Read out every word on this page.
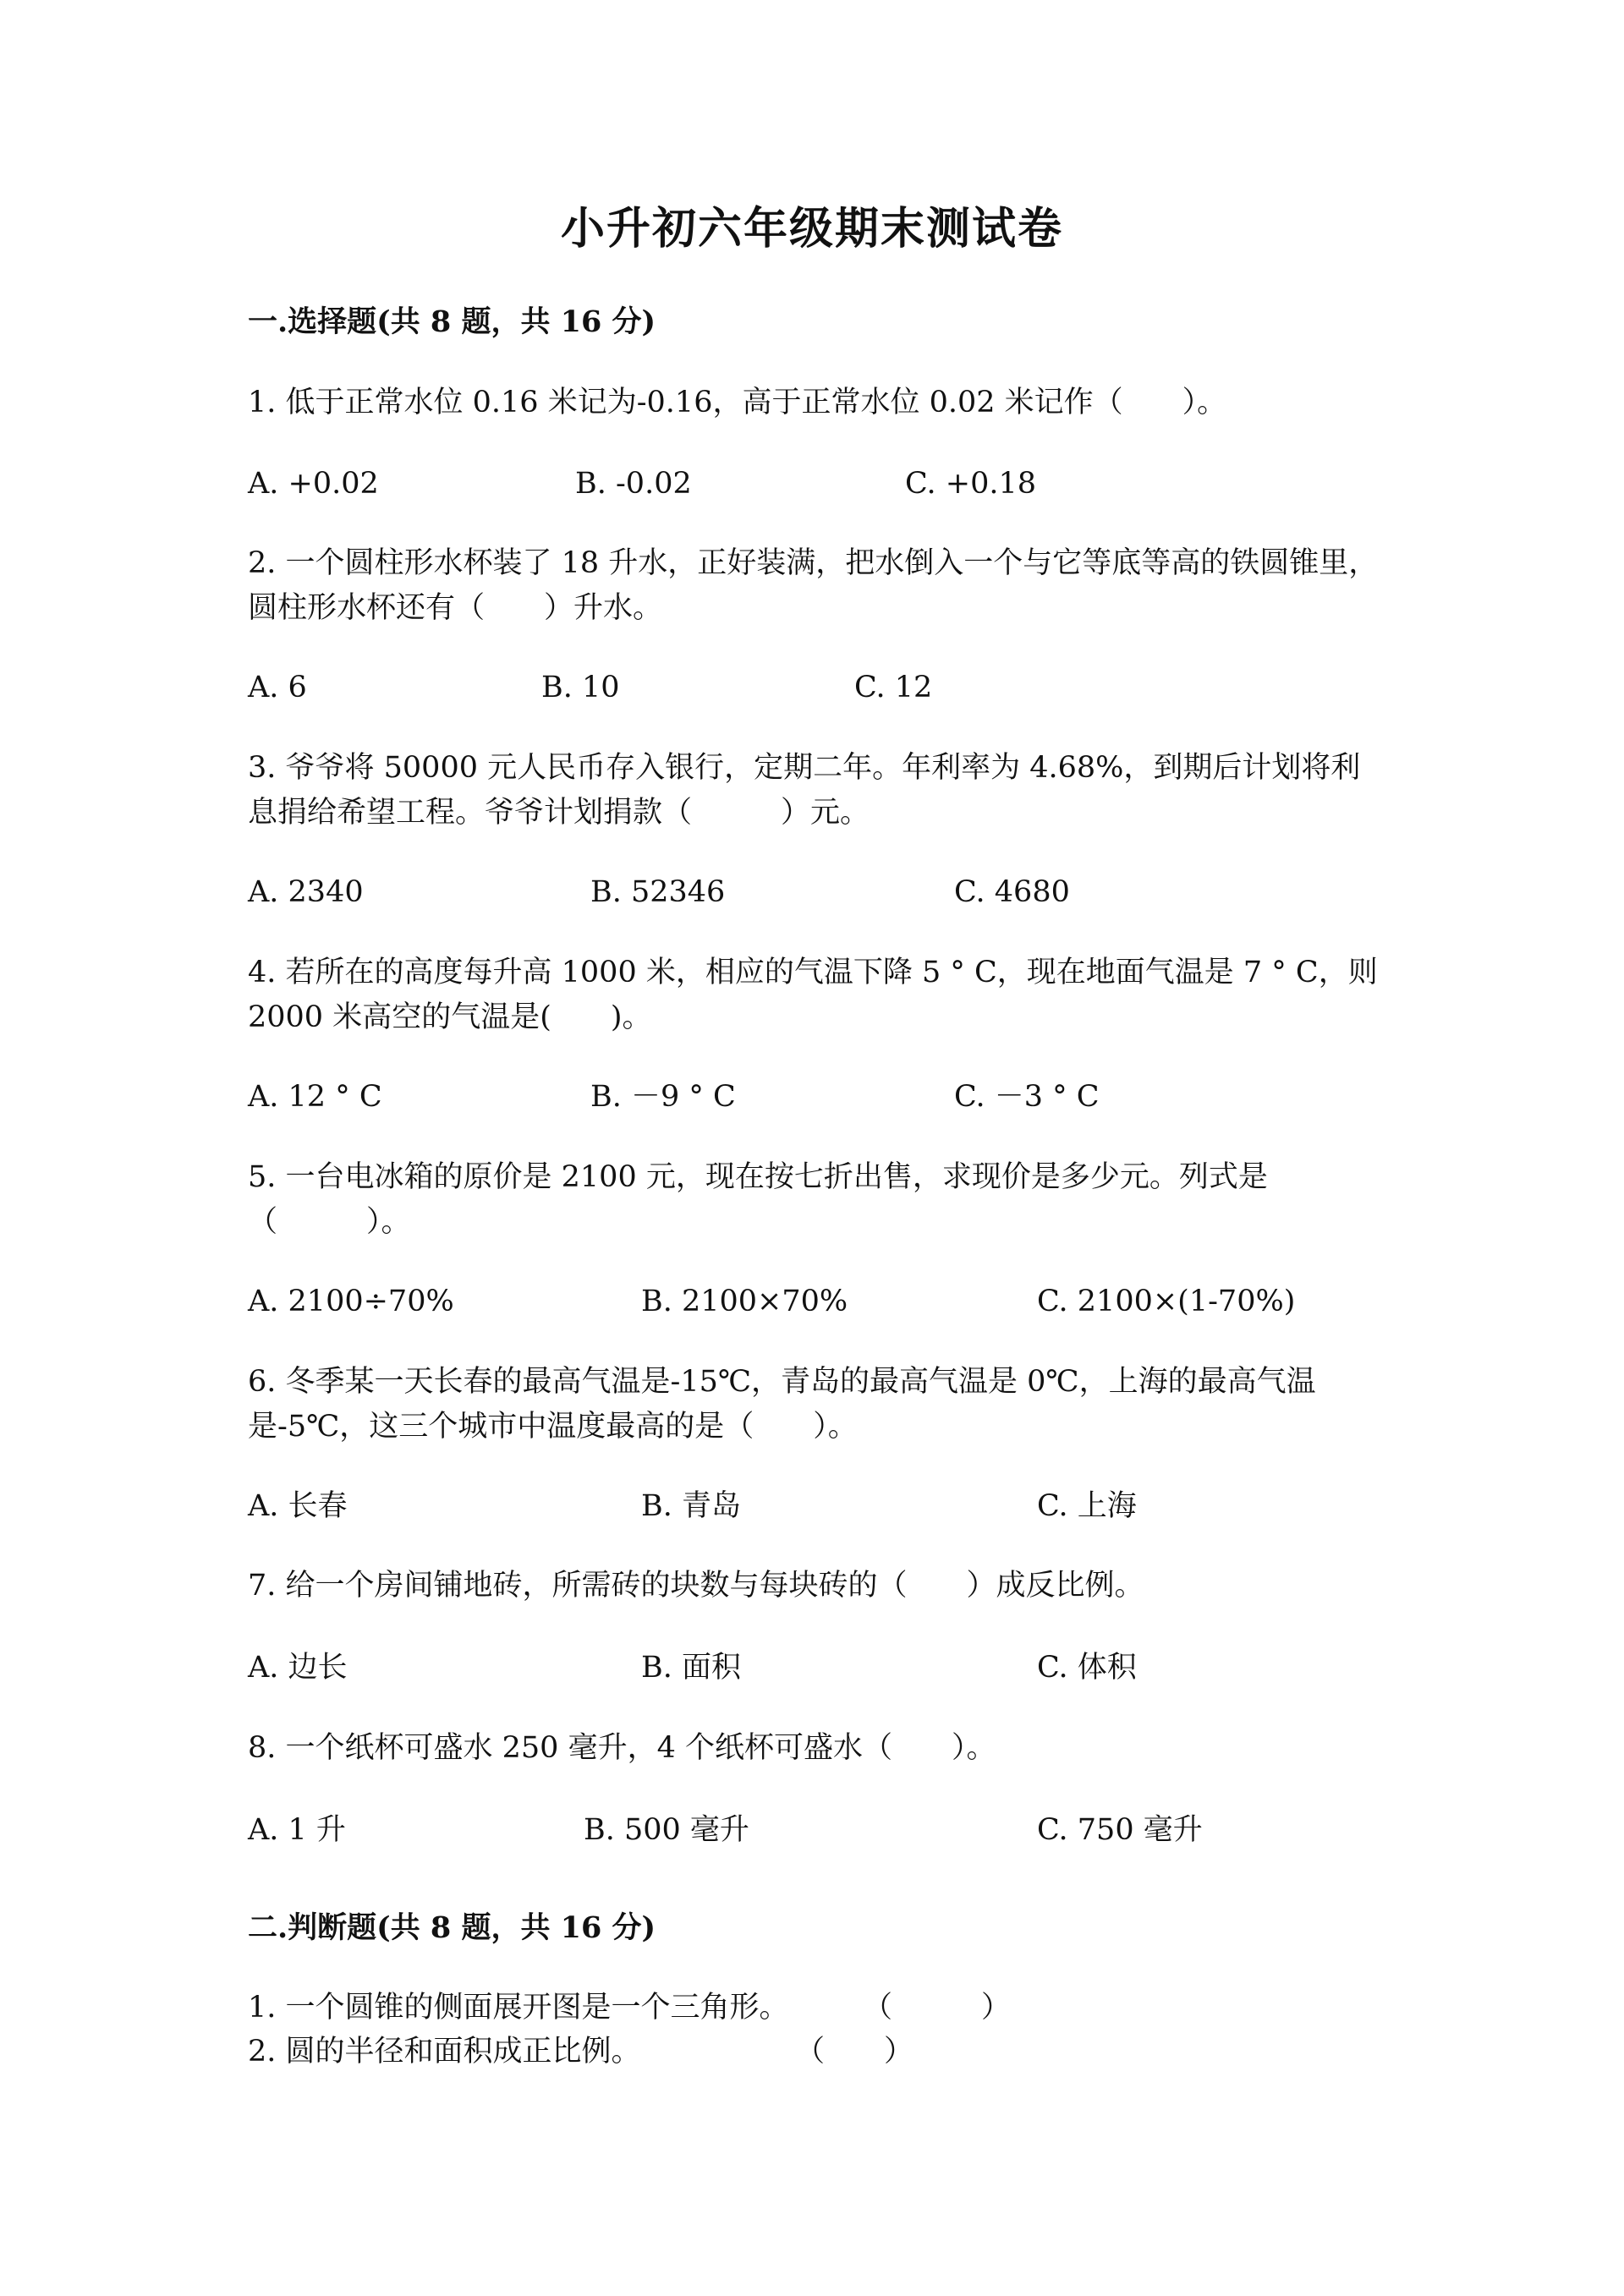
小升初六年级期末测试卷
一.选择题(共 8 题，共 16 分)
1. 低于正常水位 0.16 米记为-0.16，高于正常水位 0.02 米记作（　　）。
A. +0.02	B. -0.02	C. +0.18
2. 一个圆柱形水杯装了 18 升水，正好装满，把水倒入一个与它等底等高的铁圆锥里，圆柱形水杯还有（　　）升水。
A. 6	B. 10	C. 12
3. 爷爷将 50000 元人民币存入银行，定期二年。年利率为 4.68%，到期后计划将利息捐给希望工程。爷爷计划捐款（　　　）元。
A. 2340	B. 52346	C. 4680
4. 若所在的高度每升高 1000 米，相应的气温下降 5 ° C，现在地面气温是 7 ° C，则 2000 米高空的气温是(　　)。
A. 12 ° C	B. －9 ° C	C. －3 ° C
5. 一台电冰箱的原价是 2100 元，现在按七折出售，求现价是多少元。列式是（　　　）。
A. 2100÷70%	B. 2100×70%	C. 2100×(1-70%)
6. 冬季某一天长春的最高气温是-15℃，青岛的最高气温是 0℃，上海的最高气温是-5℃，这三个城市中温度最高的是（　　）。
A. 长春	B. 青岛	C. 上海
7. 给一个房间铺地砖，所需砖的块数与每块砖的（　　）成反比例。
A. 边长	B. 面积	C. 体积
8. 一个纸杯可盛水 250 毫升，4 个纸杯可盛水（　　）。
A. 1 升	B. 500 毫升	C. 750 毫升
二.判断题(共 8 题，共 16 分)
1. 一个圆锥的侧面展开图是一个三角形。 （　　　）
2. 圆的半径和面积成正比例。	（　　）
